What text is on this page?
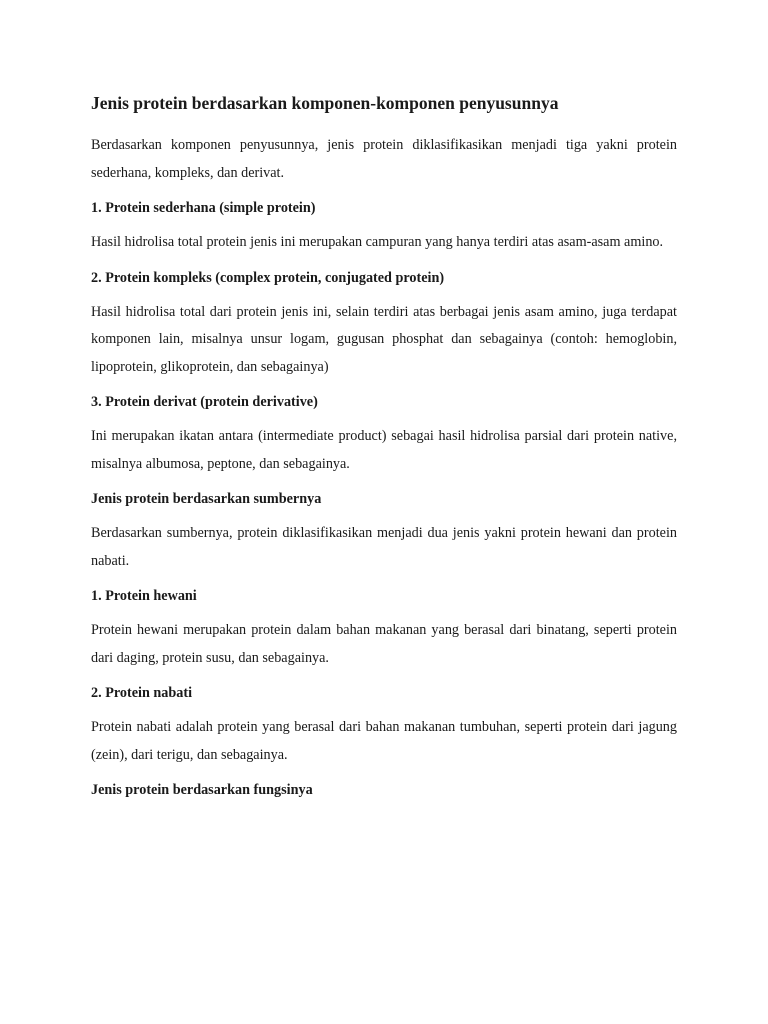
Jenis protein berdasarkan komponen-komponen penyusunnya

Berdasarkan komponen penyusunnya, jenis protein diklasifikasikan menjadi tiga yakni protein sederhana, kompleks, dan derivat.

1. Protein sederhana (simple protein)

Hasil hidrolisa total protein jenis ini merupakan campuran yang hanya terdiri atas asam-asam amino.

2. Protein kompleks (complex protein, conjugated protein)

Hasil hidrolisa total dari protein jenis ini, selain terdiri atas berbagai jenis asam amino, juga terdapat komponen lain, misalnya unsur logam, gugusan phosphat dan sebagainya (contoh: hemoglobin, lipoprotein, glikoprotein, dan sebagainya)

3. Protein derivat (protein derivative)

Ini merupakan ikatan antara (intermediate product) sebagai hasil hidrolisa parsial dari protein native, misalnya albumosa, peptone, dan sebagainya.

Jenis protein berdasarkan sumbernya

Berdasarkan sumbernya, protein diklasifikasikan menjadi dua jenis yakni protein hewani dan protein nabati.

1. Protein hewani

Protein hewani merupakan protein dalam bahan makanan yang berasal dari binatang, seperti protein dari daging, protein susu, dan sebagainya.

2. Protein nabati

Protein nabati adalah protein yang berasal dari bahan makanan tumbuhan, seperti protein dari jagung (zein), dari terigu, dan sebagainya.

Jenis protein berdasarkan fungsinya
